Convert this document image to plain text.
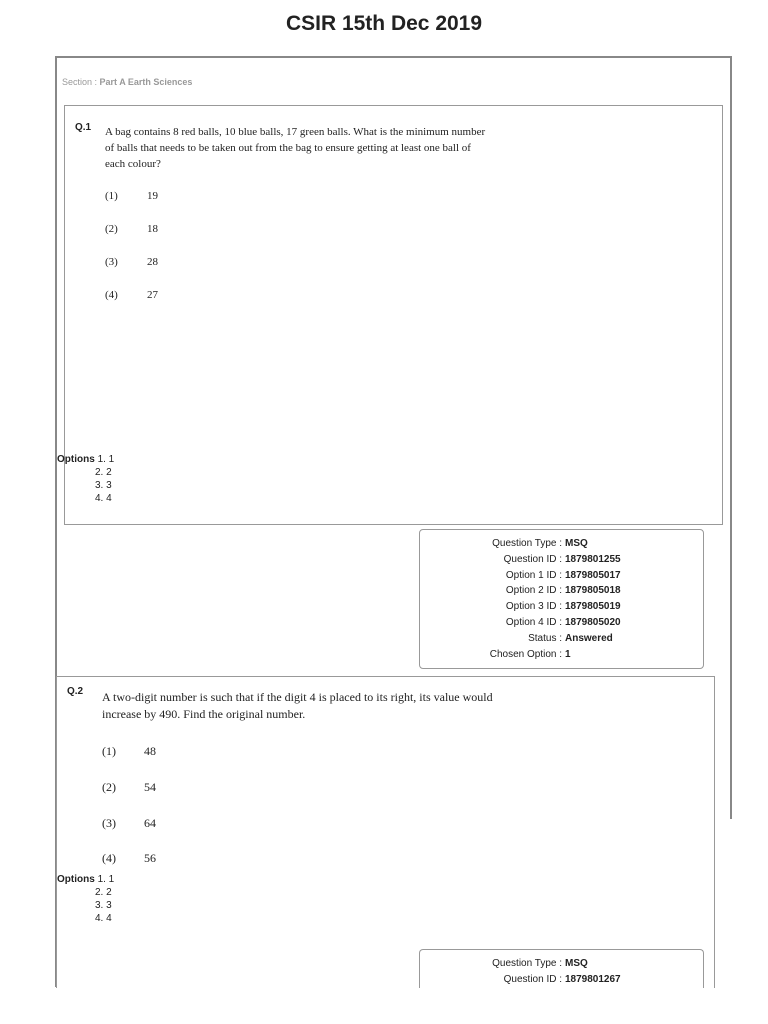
CSIR 15th Dec 2019
Section : Part A Earth Sciences
Q.1 A bag contains 8 red balls, 10 blue balls, 17 green balls. What is the minimum number
of balls that needs to be taken out from the bag to ensure getting at least one ball of
each colour?
(1)	19
(2)	18
(3)	28
(4)	27
Options 1. 1
2. 2
3. 3
4. 4
Question Type : MSQ
Question ID : 1879801255
Option 1 ID : 1879805017
Option 2 ID : 1879805018
Option 3 ID : 1879805019
Option 4 ID : 1879805020
Status : Answered
Chosen Option : 1
Q.2 A two-digit number is such that if the digit 4 is placed to its right, its value would
increase by 490. Find the original number.
(1) 48
(2) 54
(3) 64
(4) 56
Options 1. 1
2. 2
3. 3
4. 4
Question Type : MSQ
Question ID : 1879801267
